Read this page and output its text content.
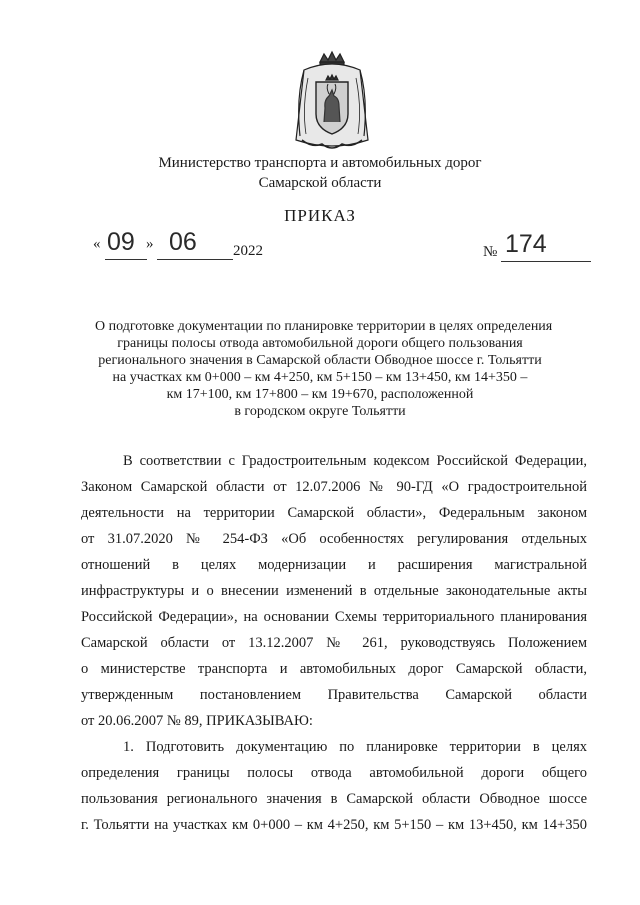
Министерство транспорта и автомобильных дорог
Самарской области
ПРИКАЗ
« 09 » 06 2022	№ 174
О подготовке документации по планировке территории в целях определения
границы полосы отвода автомобильной дороги общего пользования
регионального значения в Самарской области Обводное шоссе г. Тольятти
на участках км 0+000 – км 4+250, км 5+150 – км 13+450, км 14+350 –
км 17+100, км 17+800 – км 19+670, расположенной
в городском округе Тольятти
В соответствии с Градостроительным кодексом Российской Федерации,
Законом Самарской области от 12.07.2006 № 90-ГД «О градостроительной
деятельности на территории Самарской области», Федеральным законом
от 31.07.2020 № 254-ФЗ «Об особенностях регулирования отдельных
отношений в целях модернизации и расширения магистральной
инфраструктуры и о внесении изменений в отдельные законодательные акты
Российской Федерации», на основании Схемы территориального планирования
Самарской области от 13.12.2007 № 261, руководствуясь Положением
о министерстве транспорта и автомобильных дорог Самарской области,
утвержденным постановлением Правительства Самарской области
от 20.06.2007 № 89, ПРИКАЗЫВАЮ:
1. Подготовить документацию по планировке территории в целях
определения границы полосы отвода автомобильной дороги общего
пользования регионального значения в Самарской области Обводное шоссе
г. Тольятти на участках км 0+000 – км 4+250, км 5+150 – км 13+450, км 14+350
